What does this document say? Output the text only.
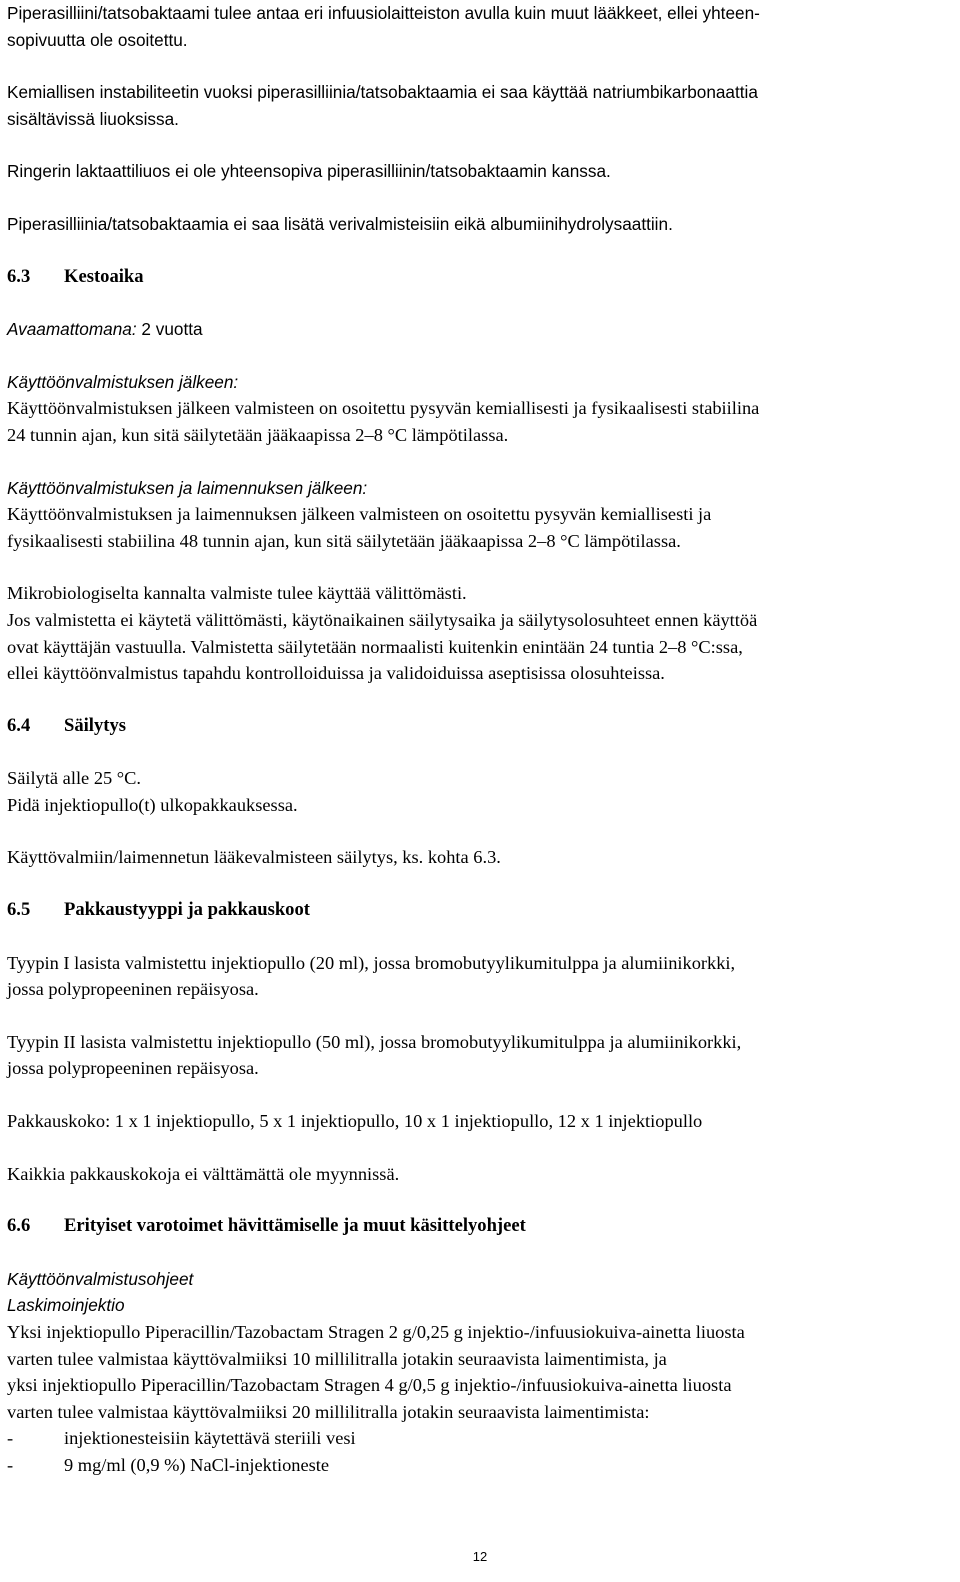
Piperasilliini/tatsobaktaami tulee antaa eri infuusiolaitteiston avulla kuin muut lääkkeet, ellei yhteen-

sopivuutta ole osoitettu.

Kemiallisen instabiliteetin vuoksi piperasilliinia/tatsobaktaamia ei saa käyttää natriumbikarbonaattia

sisältävissä liuoksissa.

Ringerin laktaattiliuos ei ole yhteensopiva piperasilliinin/tatsobaktaamin kanssa.

Piperasilliinia/tatsobaktaamia ei saa lisätä verivalmisteisiin eikä albumiinihydrolysaattiin.

6.3 Kestoaika

Avaamattomana: 2 vuotta

Käyttöönvalmistuksen jälkeen:

Käyttöönvalmistuksen jälkeen valmisteen on osoitettu pysyvän kemiallisesti ja fysikaalisesti stabiilina

24 tunnin ajan, kun sitä säilytetään jääkaapissa 2–8 °C lämpötilassa.

Käyttöönvalmistuksen ja laimennuksen jälkeen:

Käyttöönvalmistuksen ja laimennuksen jälkeen valmisteen on osoitettu pysyvän kemiallisesti ja

fysikaalisesti stabiilina 48 tunnin ajan, kun sitä säilytetään jääkaapissa 2–8 °C lämpötilassa.

Mikrobiologiselta kannalta valmiste tulee käyttää välittömästi.

Jos valmistetta ei käytetä välittömästi, käytönaikainen säilytysaika ja säilytysolosuhteet ennen käyttöä

ovat käyttäjän vastuulla. Valmistetta säilytetään normaalisti kuitenkin enintään 24 tuntia 2–8 °C:ssa,

ellei käyttöönvalmistus tapahdu kontrolloiduissa ja validoiduissa aseptisissa olosuhteissa.

6.4 Säilytys

Säilytä alle 25 °C.

Pidä injektiopullo(t) ulkopakkauksessa.

Käyttövalmiin/laimennetun lääkevalmisteen säilytys, ks. kohta 6.3.

6.5 Pakkaustyyppi ja pakkauskoot

Tyypin I lasista valmistettu injektiopullo (20 ml), jossa bromobutyylikumitulppa ja alumiinikorkki,

jossa polypropeeninen repäisyosa.

Tyypin II lasista valmistettu injektiopullo (50 ml), jossa bromobutyylikumitulppa ja alumiinikorkki,

jossa polypropeeninen repäisyosa.

Pakkauskoko: 1 x 1 injektiopullo, 5 x 1 injektiopullo, 10 x 1 injektiopullo, 12 x 1 injektiopullo

Kaikkia pakkauskokoja ei välttämättä ole myynnissä.

6.6 Erityiset varotoimet hävittämiselle ja muut käsittelyohjeet

Käyttöönvalmistusohjeet

Laskimoinjektio

Yksi injektiopullo Piperacillin/Tazobactam Stragen 2 g/0,25 g injektio-/infuusiokuiva-ainetta liuosta

varten tulee valmistaa käyttövalmiiksi 10 millilitralla jotakin seuraavista laimentimista, ja

yksi injektiopullo Piperacillin/Tazobactam Stragen 4 g/0,5 g injektio-/infuusiokuiva-ainetta liuosta

varten tulee valmistaa käyttövalmiiksi 20 millilitralla jotakin seuraavista laimentimista:

-	injektionesteisiin käytettävä steriili vesi

-	9 mg/ml (0,9 %) NaCl-injektioneste

12
